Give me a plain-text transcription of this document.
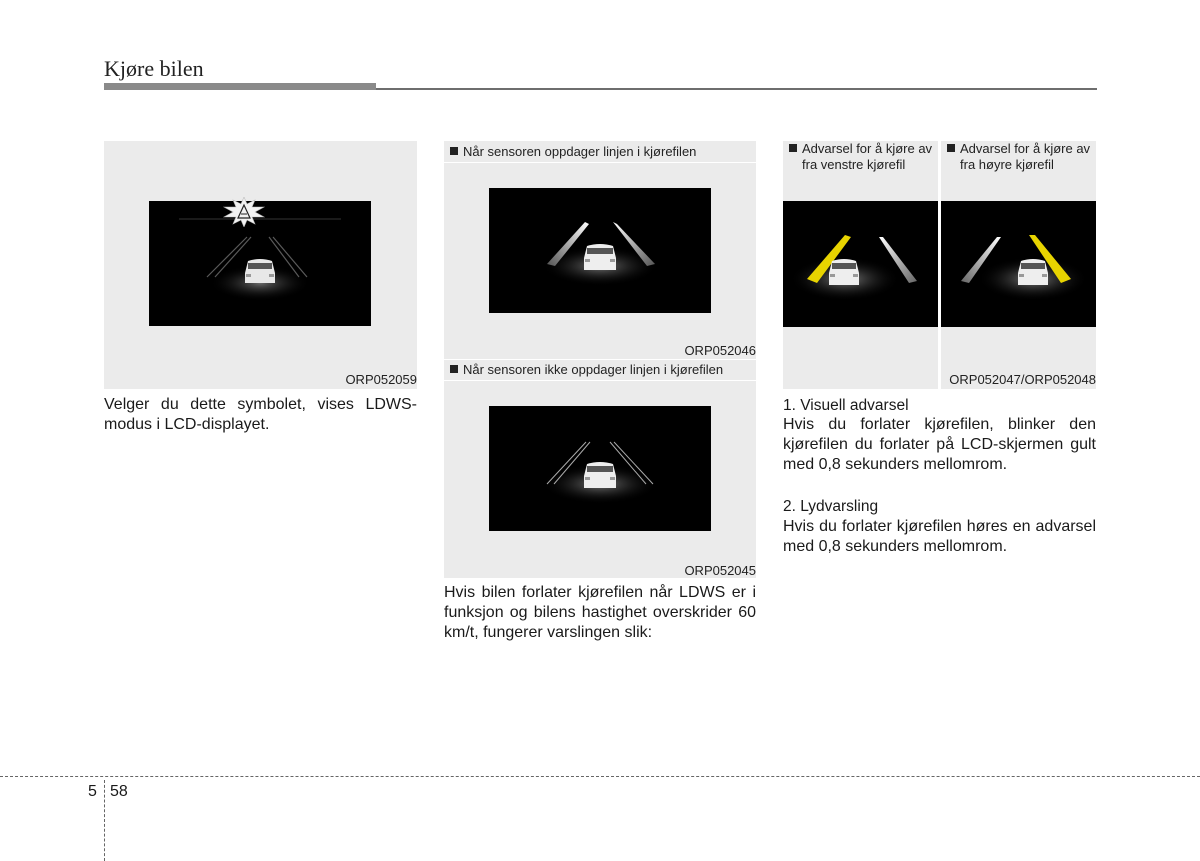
Kjøre bilen
ORP052059
Velger du dette symbolet, vises LDWS-modus i LCD-displayet.
Når sensoren oppdager linjen i kjørefilen
ORP052046
Når sensoren ikke oppdager linjen i kjørefilen
ORP052045
Hvis bilen forlater kjørefilen når LDWS er i funksjon og bilens hastighet overskrider 60 km/t, fungerer varslingen slik:
Advarsel for å kjøre av
fra venstre kjørefil
Advarsel for å kjøre av
fra høyre kjørefil
ORP052047/ORP052048
1. Visuell advarsel
Hvis du forlater kjørefilen, blinker den kjørefilen du forlater på LCD-skjermen gult med 0,8 sekunders mellomrom.
2. Lydvarsling
Hvis du forlater kjørefilen høres en advarsel med 0,8 sekunders mellomrom.
5 58
